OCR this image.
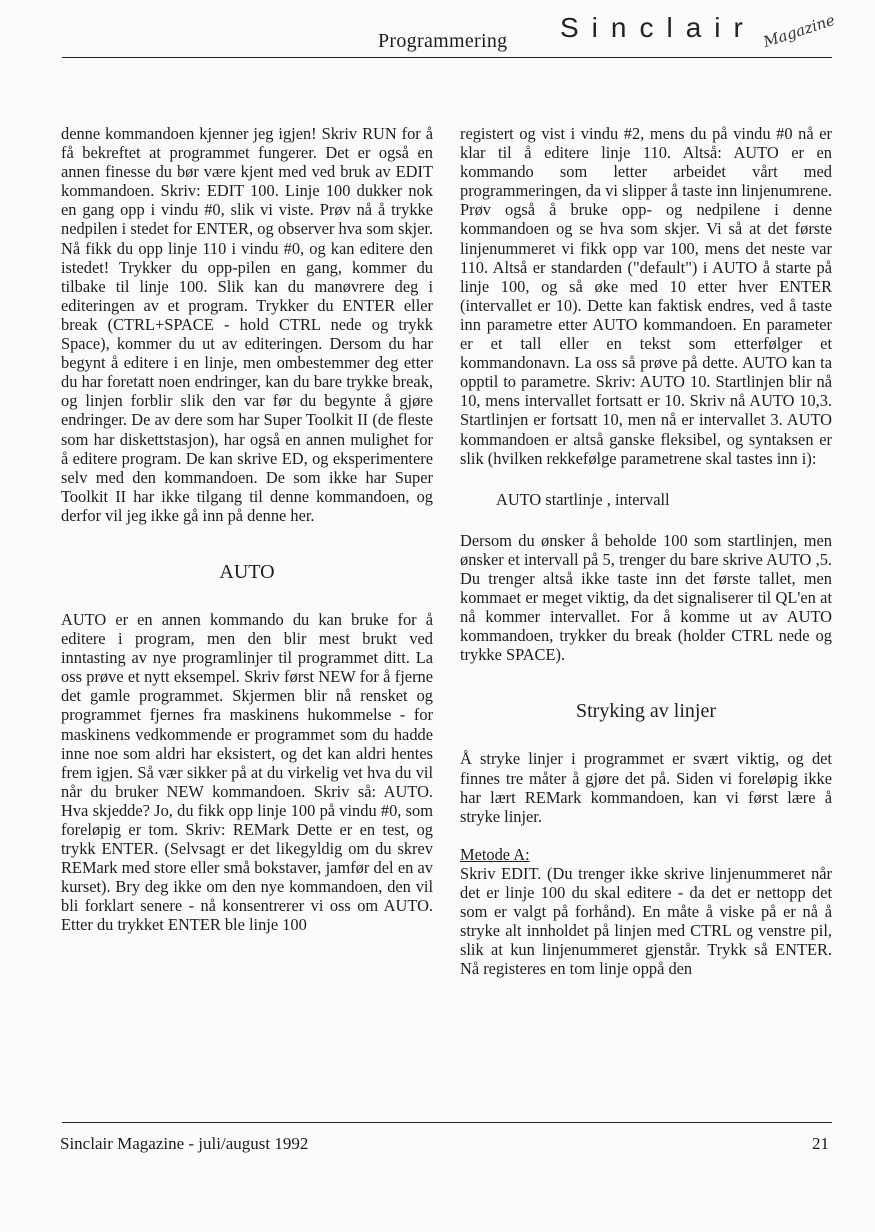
Programmering Sinclair Magazine

denne kommandoen kjenner jeg igjen! Skriv RUN for å få bekreftet at programmet fungerer. Det er også en annen finesse du bør være kjent med ved bruk av EDIT kommandoen. Skriv: EDIT 100. Linje 100 dukker nok en gang opp i vindu #0, slik vi viste. Prøv nå å trykke nedpilen i stedet for ENTER, og observer hva som skjer. Nå fikk du opp linje 110 i vindu #0, og kan editere den istedet! Trykker du opp-pilen en gang, kommer du tilbake til linje 100. Slik kan du manøvrere deg i editeringen av et program. Trykker du ENTER eller break (CTRL+SPACE - hold CTRL nede og trykk Space), kommer du ut av editeringen. Dersom du har begynt å editere i en linje, men ombestemmer deg etter du har foretatt noen endringer, kan du bare trykke break, og linjen forblir slik den var før du begynte å gjøre endringer. De av dere som har Super Toolkit II (de fleste som har diskettstasjon), har også en annen mulighet for å editere program. De kan skrive ED, og eksperimentere selv med den kommandoen. De som ikke har Super Toolkit II har ikke tilgang til denne kommandoen, og derfor vil jeg ikke gå inn på denne her.

AUTO

AUTO er en annen kommando du kan bruke for å editere i program, men den blir mest brukt ved inntasting av nye programlinjer til programmet ditt. La oss prøve et nytt eksempel. Skriv først NEW for å fjerne det gamle programmet. Skjermen blir nå rensket og programmet fjernes fra maskinens hukommelse - for maskinens vedkommende er programmet som du hadde inne noe som aldri har eksistert, og det kan aldri hentes frem igjen. Så vær sikker på at du virkelig vet hva du vil når du bruker NEW kommandoen. Skriv så: AUTO. Hva skjedde? Jo, du fikk opp linje 100 på vindu #0, som foreløpig er tom. Skriv: REMark Dette er en test, og trykk ENTER. (Selvsagt er det likegyldig om du skrev REMark med store eller små bokstaver, jamfør del en av kurset). Bry deg ikke om den nye kommandoen, den vil bli forklart senere - nå konsentrerer vi oss om AUTO. Etter du trykket ENTER ble linje 100

registert og vist i vindu #2, mens du på vindu #0 nå er klar til å editere linje 110. Altså: AUTO er en kommando som letter arbeidet vårt med programmeringen, da vi slipper å taste inn linjenumrene. Prøv også å bruke opp- og nedpilene i denne kommandoen og se hva som skjer. Vi så at det første linjenummeret vi fikk opp var 100, mens det neste var 110. Altså er standarden ("default") i AUTO å starte på linje 100, og så øke med 10 etter hver ENTER (intervallet er 10). Dette kan faktisk endres, ved å taste inn parametre etter AUTO kommandoen. En parameter er et tall eller en tekst som etterfølger et kommandonavn. La oss så prøve på dette. AUTO kan ta opptil to parametre. Skriv: AUTO 10. Startlinjen blir nå 10, mens intervallet fortsatt er 10. Skriv nå AUTO 10,3. Startlinjen er fortsatt 10, men nå er intervallet 3. AUTO kommandoen er altså ganske fleksibel, og syntaksen er slik (hvilken rekkefølge parametrene skal tastes inn i):

AUTO startlinje , intervall

Dersom du ønsker å beholde 100 som startlinjen, men ønsker et intervall på 5, trenger du bare skrive AUTO ,5. Du trenger altså ikke taste inn det første tallet, men kommaet er meget viktig, da det signaliserer til QL'en at nå kommer intervallet. For å komme ut av AUTO kommandoen, trykker du break (holder CTRL nede og trykke SPACE).

Stryking av linjer

Å stryke linjer i programmet er svært viktig, og det finnes tre måter å gjøre det på. Siden vi foreløpig ikke har lært REMark kommandoen, kan vi først lære å stryke linjer.

Metode A:

Skriv EDIT. (Du trenger ikke skrive linjenummeret når det er linje 100 du skal editere - da det er nettopp det som er valgt på forhånd). En måte å viske på er nå å stryke alt innholdet på linjen med CTRL og venstre pil, slik at kun linjenummeret gjenstår. Trykk så ENTER. Nå registeres en tom linje oppå den

Sinclair Magazine - juli/august 1992	21
